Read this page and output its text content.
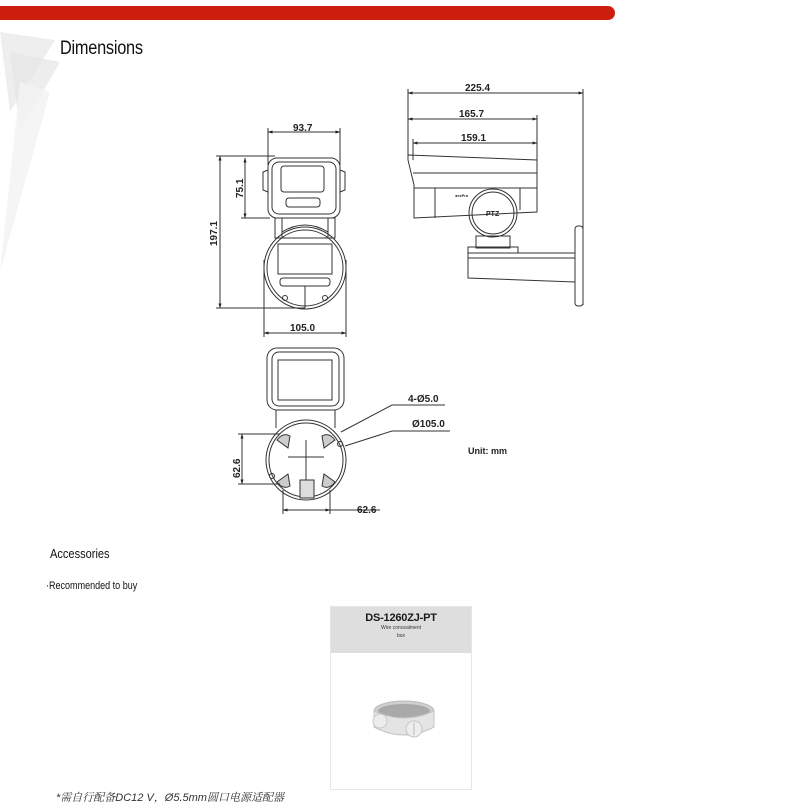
Dimensions
●ezPro
PTZ
93.7
197.1
75.1
105.0
225.4
165.7
159.1
4-Ø5.0
Ø105.0
Unit: mm
62.6
62.6
Accessories
·Recommended to buy
DS-1260ZJ-PT
Wire concealment
box
*需自行配备DC12 V，Ø5.5mm圆口电源适配器
